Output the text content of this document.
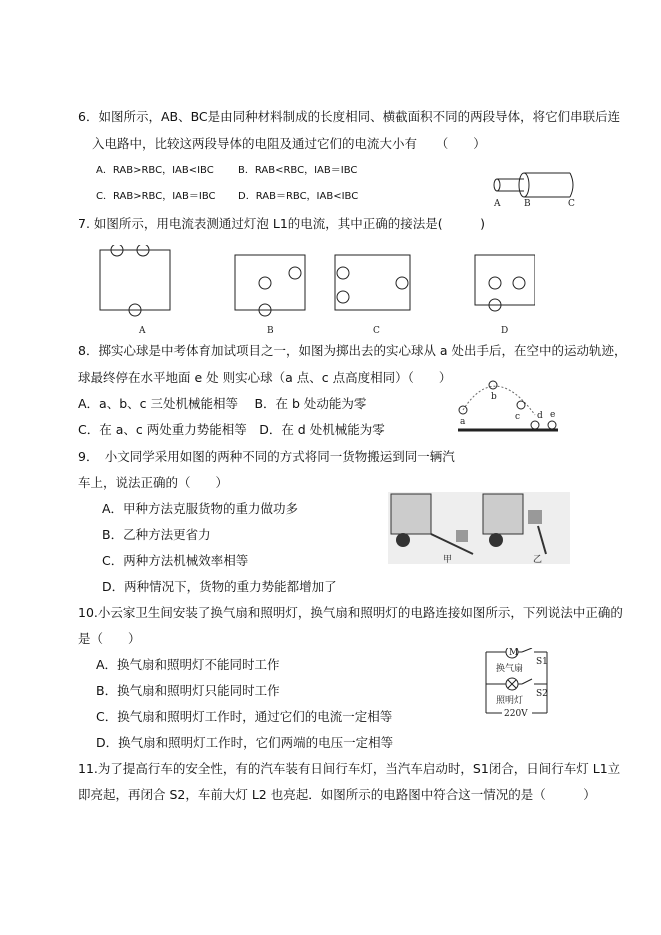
6．如图所示，AB、BC是由同种材料制成的长度相同、横截面积不同的两段导体，将它们串联后连
入电路中，比较这两段导体的电阻及通过它们的电流大小有　　（　　）
A．RAB>RBC，IAB<IBC B．RAB<RBC，IAB＝IBC
C．RAB>RBC，IAB＝IBC D．RAB＝RBC，IAB<IBC
A	B	C
7. 如图所示，用电流表测通过灯泡 L1的电流，其中正确的接法是(　　　)
A	B	C	D
8．掷实心球是中考体育加试项目之一，如图为掷出去的实心球从 a 处出手后，在空中的运动轨迹，
球最终停在水平地面 e 处 则实心球（a 点、c 点高度相同）（　　）
A．a、b、c 三处机械能相等　 B．在 b 处动能为零
C．在 a、c 两处重力势能相等　D．在 d 处机械能为零	a
b
c d e
9．　小文同学采用如图的两种不同的方式将同一货物搬运到同一辆汽
车上，说法正确的（　　）
A．甲种方法克服货物的重力做功多
B．乙种方法更省力
C．两种方法机械效率相等
D．两种情况下，货物的重力势能都增加了
甲	乙
10.小云家卫生间安装了换气扇和照明灯，换气扇和照明灯的电路连接如图所示，下列说法中正确的
是（　　）
A．换气扇和照明灯不能同时工作
B．换气扇和照明灯只能同时工作
C．换气扇和照明灯工作时，通过它们的电流一定相等
D．换气扇和照明灯工作时，它们两端的电压一定相等
M
换气扇
照明灯
S1
S2
220V
11.为了提高行车的安全性，有的汽车装有日间行车灯，当汽车启动时，S1闭合，日间行车灯 L1立
即亮起，再闭合 S2，车前大灯 L2 也亮起．如图所示的电路图中符合这一情况的是（　　　）
